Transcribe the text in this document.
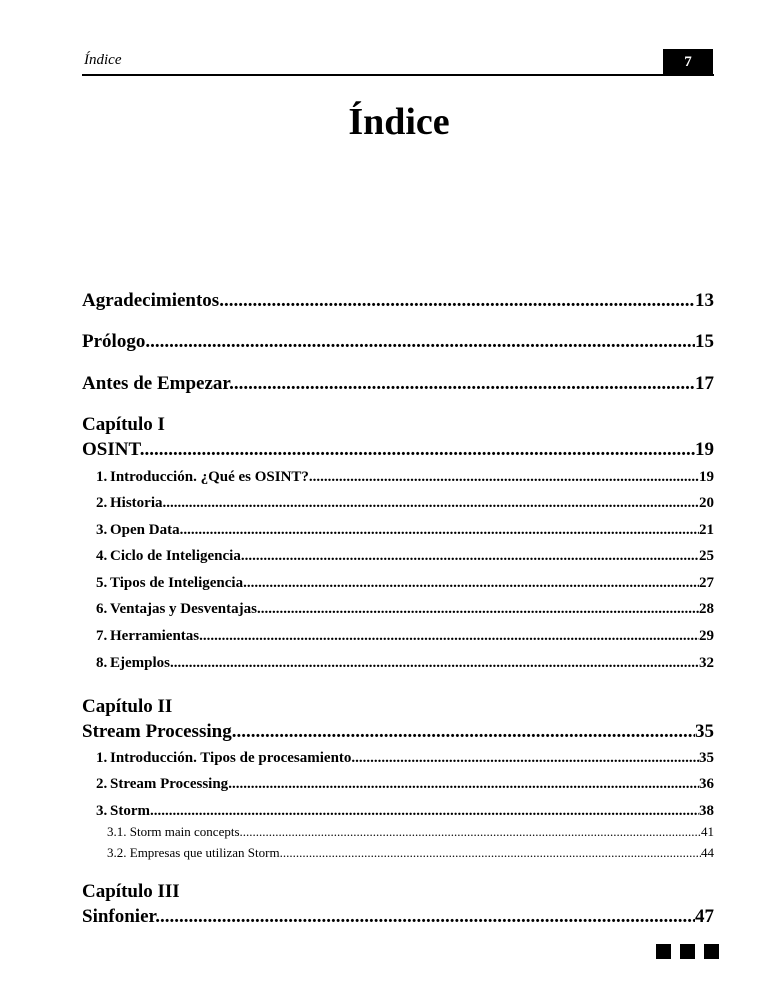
Índice	7
Índice
Agradecimientos .....	13
Prólogo .....	15
Antes de Empezar .....	17
Capítulo I
OSINT .....	19
1. Introducción. ¿Qué es OSINT? .....	19
2. Historia .....	20
3. Open Data .....	21
4. Ciclo de Inteligencia .....	25
5. Tipos de Inteligencia .....	27
6. Ventajas y Desventajas .....	28
7. Herramientas .....	29
8. Ejemplos .....	32
Capítulo II
Stream Processing .....	35
1. Introducción. Tipos de procesamiento .....	35
2. Stream Processing .....	36
3. Storm .....	38
3.1. Storm main concepts .....	41
3.2. Empresas que utilizan Storm .....	44
Capítulo III
Sinfonier .....	47
